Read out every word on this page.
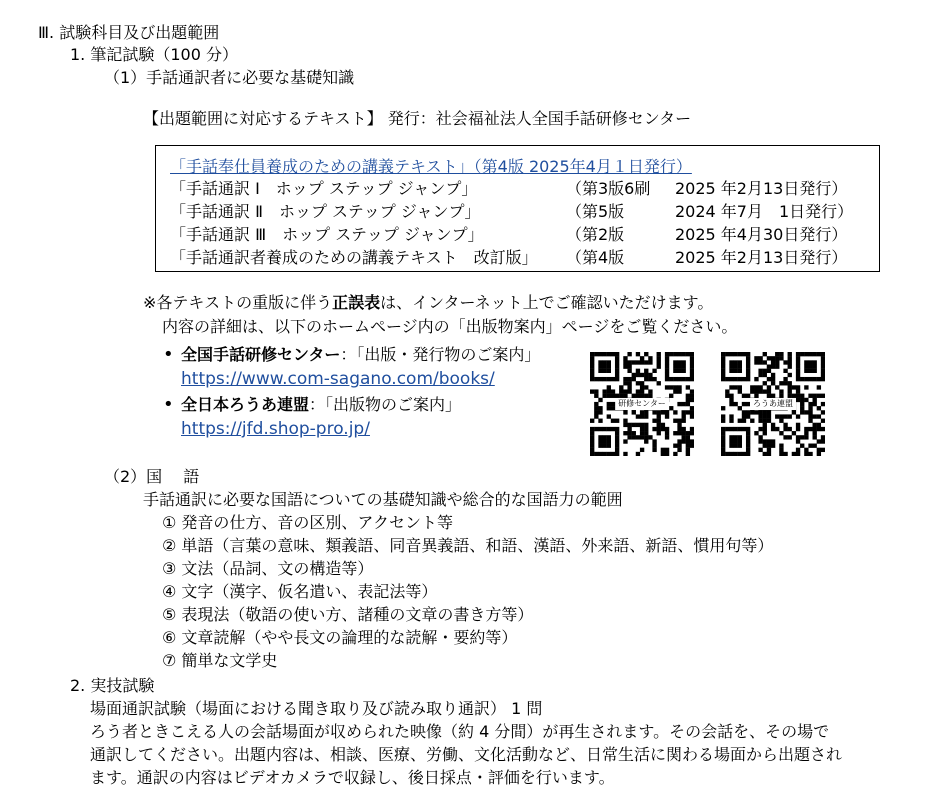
Ⅲ. 試験科目及び出題範囲
1. 筆記試験（100 分）
（1）手話通訳者に必要な基礎知識
【出題範囲に対応するテキスト】 発行：社会福祉法人全国手話研修センター
「手話奉仕員養成のための講義テキスト」（第4版 2025年4月１日発行）
「手話通訳 Ⅰ　ホップ ステップ ジャンプ」	（第3版6刷 2025 年2月13日発行）
「手話通訳 Ⅱ　ホップ ステップ ジャンプ」	（第5版	2024 年7月　1日発行）
「手話通訳 Ⅲ　ホップ ステップ ジャンプ」	（第2版	2025 年4月30日発行）
「手話通訳者養成のための講義テキスト　改訂版」 （第4版	2025 年2月13日発行）
※各テキストの重版に伴う正誤表は、インターネット上でご確認いただけます。
内容の詳細は、以下のホームページ内の「出版物案内」ページをご覧ください。
• 全国手話研修センター：「出版・発行物のご案内」
https://www.com-sagano.com/books/
• 全日本ろうあ連盟：「出版物のご案内」
https://jfd.shop-pro.jp/
研修センター	ろうあ連盟
（2）国　 語
手話通訳に必要な国語についての基礎知識や総合的な国語力の範囲
① 発音の仕方、音の区別、アクセント等
② 単語（言葉の意味、類義語、同音異義語、和語、漢語、外来語、新語、慣用句等）
③ 文法（品詞、文の構造等）
④ 文字（漢字、仮名遣い、表記法等）
⑤ 表現法（敬語の使い方、諸種の文章の書き方等）
⑥ 文章読解（やや長文の論理的な読解・要約等）
⑦ 簡単な文学史
2. 実技試験
場面通訳試験（場面における聞き取り及び読み取り通訳） 1 問
ろう者ときこえる人の会話場面が収められた映像（約 4 分間）が再生されます。その会話を、その場で
通訳してください。出題内容は、相談、医療、労働、文化活動など、日常生活に関わる場面から出題され
ます。通訳の内容はビデオカメラで収録し、後日採点・評価を行います。
